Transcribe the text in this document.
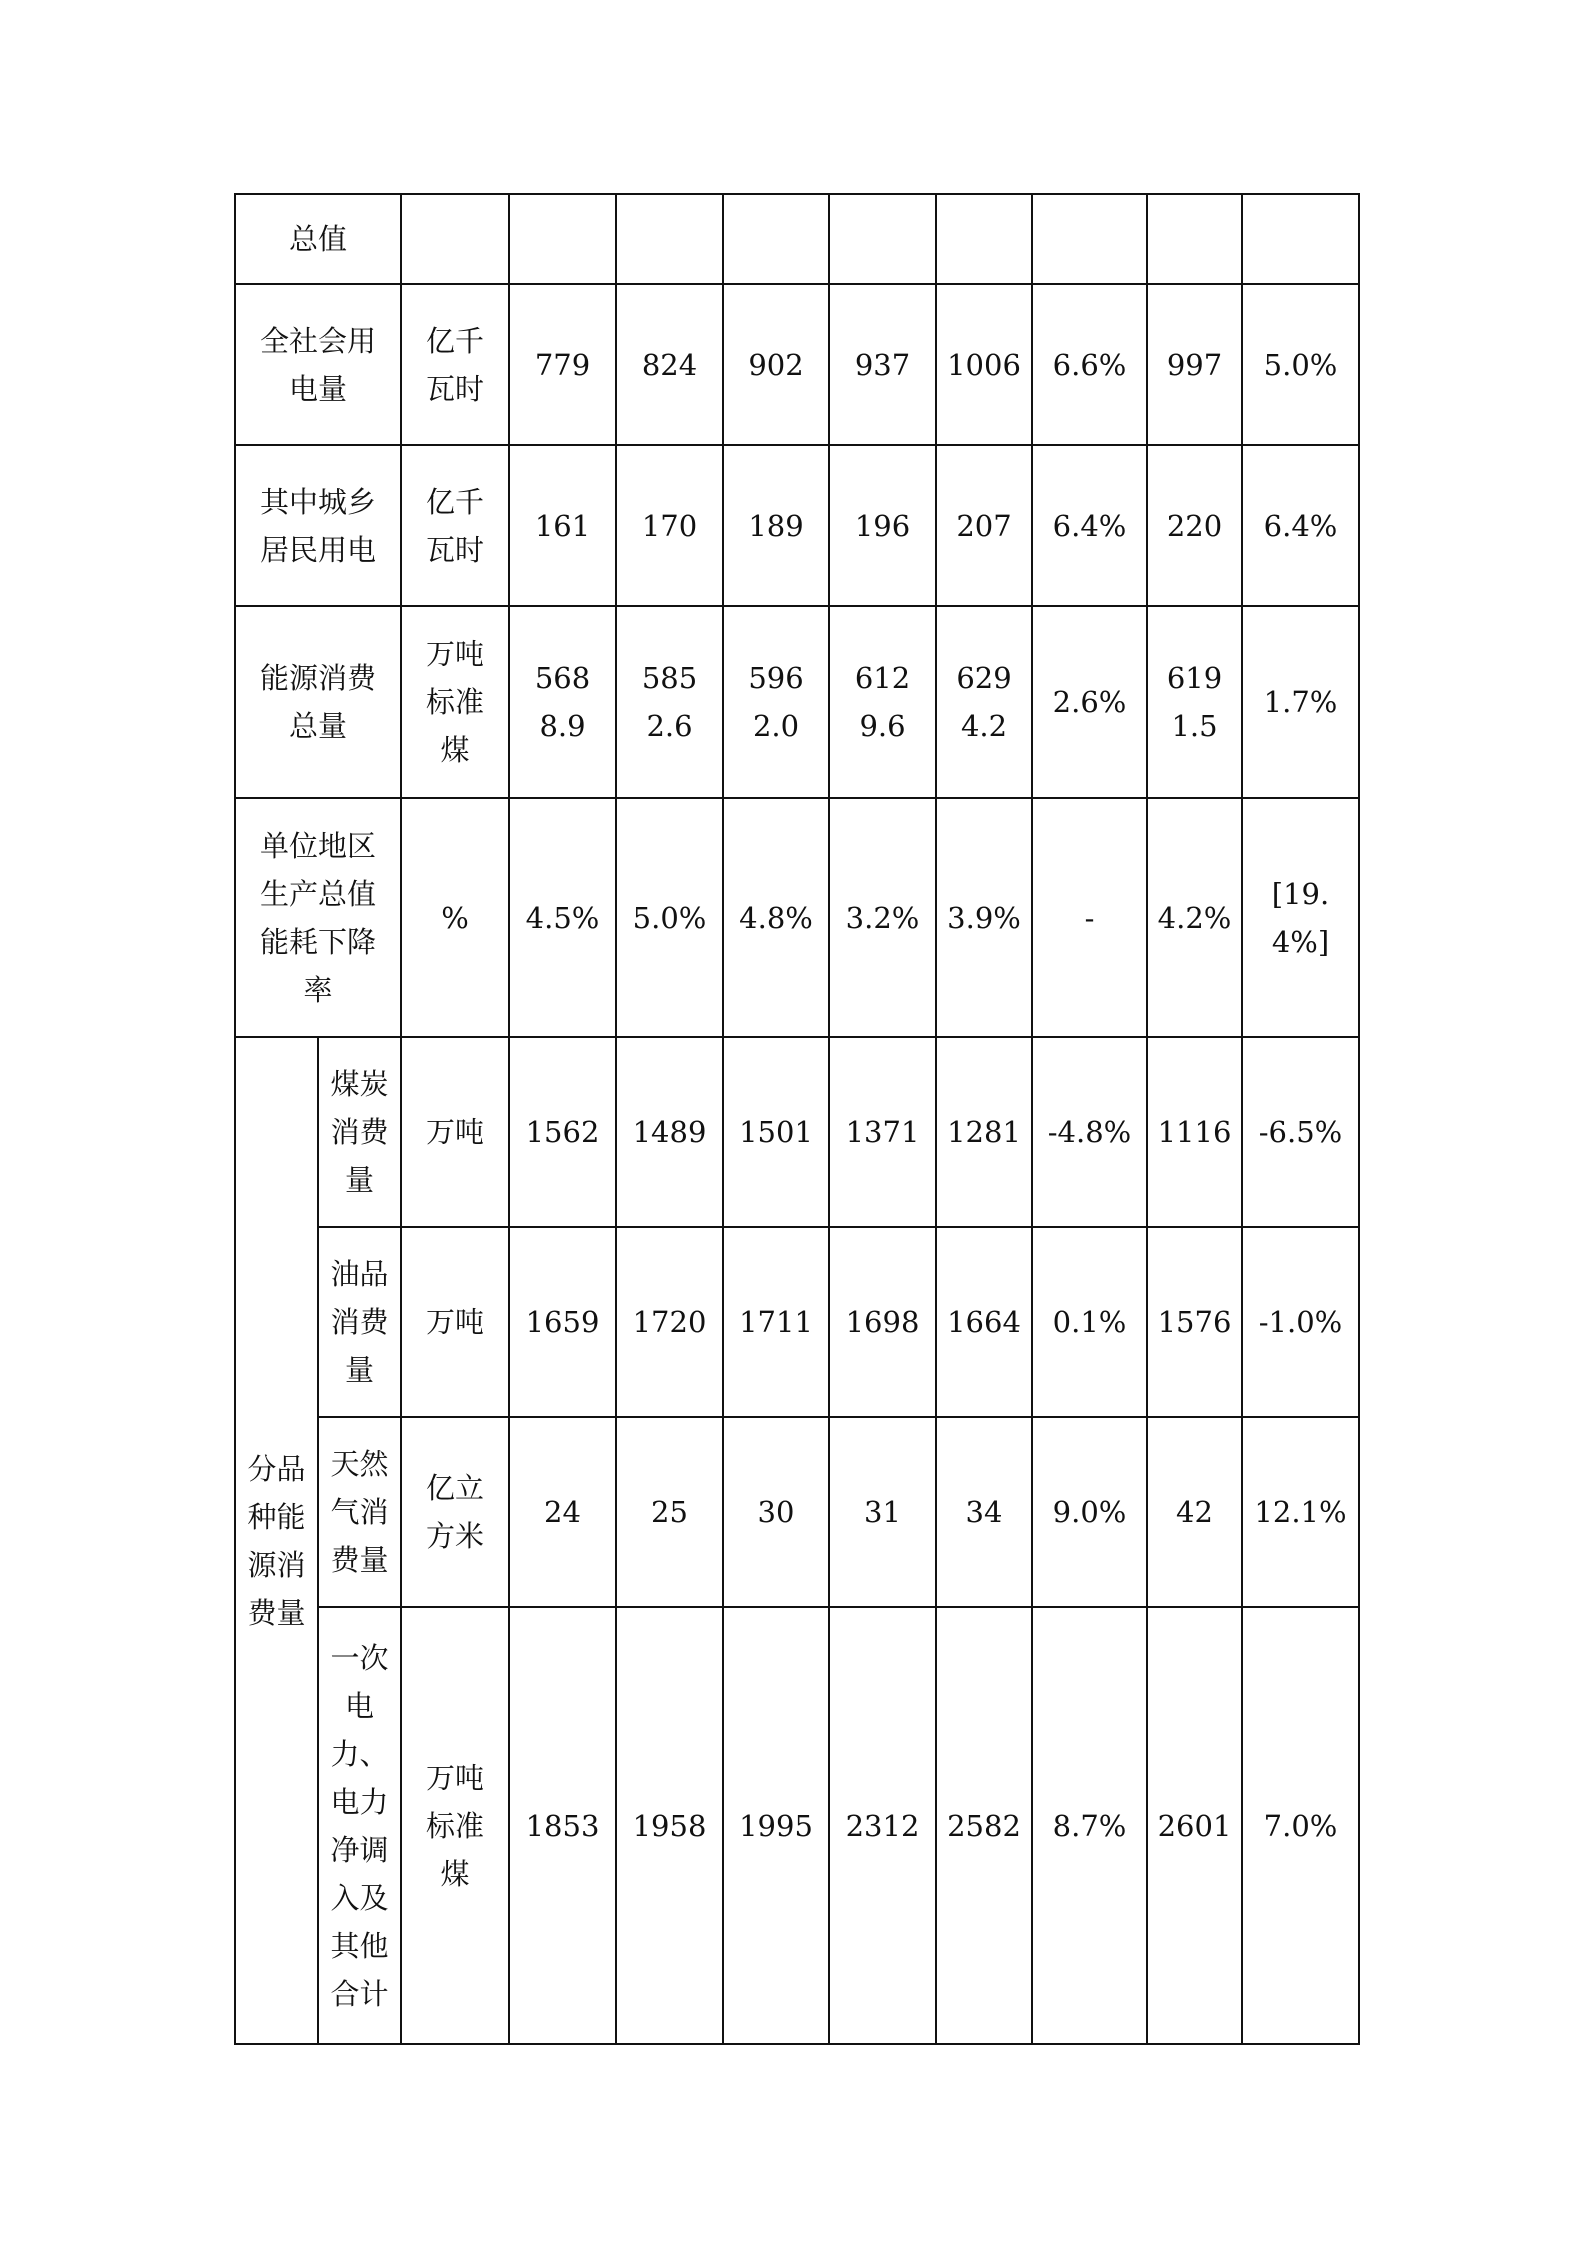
总值										

全社会用电量		亿千瓦时	779	824	902	937	1006	6.6%	997	5.0%

其中城乡居民用电		亿千瓦时	161	170	189	196	207	6.4%	220	6.4%

能源消费总量		万吨标准煤	5688.9	5852.6	5962.0	6129.6	6294.2	2.6%	6191.5	1.7%

单位地区生产总值能耗下降率		%	4.5%	5.0%	4.8%	3.2%	3.9%	-	4.2%	[19.4%]

分品种能源消费量	煤炭消费量	万吨	1562	1489	1501	1371	1281	-4.8%	1116	-6.5%

	油品消费量	万吨	1659	1720	1711	1698	1664	0.1%	1576	-1.0%

	天然气消费量	亿立方米	24	25	30	31	34	9.0%	42	12.1%

	一次电力、电力净调入及其他合计	万吨标准煤	1853	1958	1995	2312	2582	8.7%	2601	7.0%
